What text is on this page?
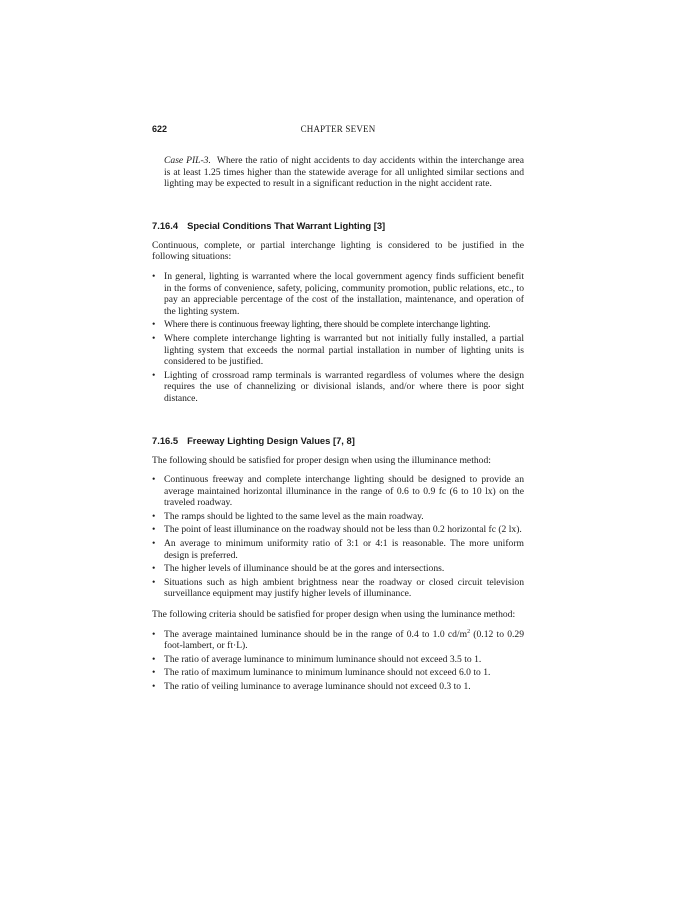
622	CHAPTER SEVEN

Case PIL-3. Where the ratio of night accidents to day accidents within the interchange area is at least 1.25 times higher than the statewide average for all unlighted similar sections and lighting may be expected to result in a significant reduction in the night accident rate.

7.16.4 Special Conditions That Warrant Lighting [3]

Continuous, complete, or partial interchange lighting is considered to be justified in the following situations:

• In general, lighting is warranted where the local government agency finds sufficient benefit in the forms of convenience, safety, policing, community promotion, public relations, etc., to pay an appreciable percentage of the cost of the installation, maintenance, and operation of the lighting system.
• Where there is continuous freeway lighting, there should be complete interchange lighting.
• Where complete interchange lighting is warranted but not initially fully installed, a partial lighting system that exceeds the normal partial installation in number of lighting units is considered to be justified.
• Lighting of crossroad ramp terminals is warranted regardless of volumes where the design requires the use of channelizing or divisional islands, and/or where there is poor sight distance.
7.16.5 Freeway Lighting Design Values [7, 8]

The following should be satisfied for proper design when using the illuminance method:

• Continuous freeway and complete interchange lighting should be designed to provide an average maintained horizontal illuminance in the range of 0.6 to 0.9 fc (6 to 10 lx) on the traveled roadway.
• The ramps should be lighted to the same level as the main roadway.
• The point of least illuminance on the roadway should not be less than 0.2 horizontal fc (2 lx).
• An average to minimum uniformity ratio of 3:1 or 4:1 is reasonable. The more uniform design is preferred.
• The higher levels of illuminance should be at the gores and intersections.
• Situations such as high ambient brightness near the roadway or closed circuit television surveillance equipment may justify higher levels of illuminance.

The following criteria should be satisfied for proper design when using the luminance method:

• The average maintained luminance should be in the range of 0.4 to 1.0 $cd/m^2$ (0.12 to 0.29 foot-lambert, or ft·L).
• The ratio of average luminance to minimum luminance should not exceed 3.5 to 1.
• The ratio of maximum luminance to minimum luminance should not exceed 6.0 to 1.
• The ratio of veiling luminance to average luminance should not exceed 0.3 to 1.
